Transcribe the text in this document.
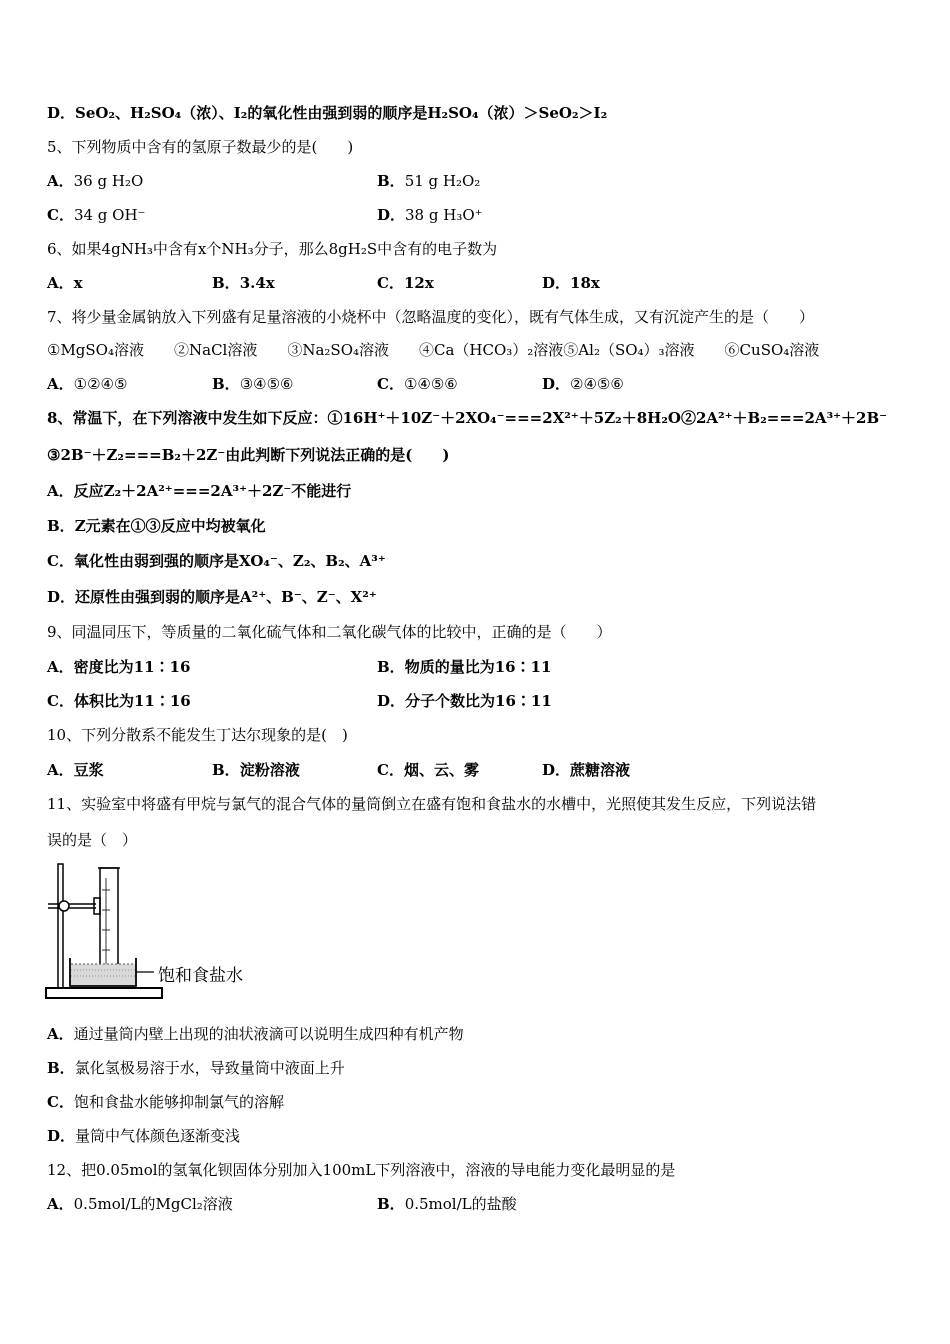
D．SeO₂、H₂SO₄（浓）、I₂的氧化性由强到弱的顺序是H₂SO₄（浓）＞SeO₂＞I₂
5、下列物质中含有的氢原子数最少的是(　　)
A．36 g H₂O	B．51 g H₂O₂
C．34 g OH⁻	D．38 g H₃O⁺
6、如果4gNH₃中含有x个NH₃分子，那么8gH₂S中含有的电子数为
A．x	B．3.4x	C．12x	D．18x
7、将少量金属钠放入下列盛有足量溶液的小烧杯中（忽略温度的变化），既有气体生成，又有沉淀产生的是（　　）
①MgSO₄溶液　　②NaCl溶液　　③Na₂SO₄溶液　　④Ca（HCO₃）₂溶液⑤Al₂（SO₄）₃溶液　　⑥CuSO₄溶液
A．①②④⑤	B．③④⑤⑥	C．①④⑤⑥	D．②④⑤⑥
8、常温下，在下列溶液中发生如下反应：①16H⁺＋10Z⁻＋2XO₄⁻===2X²⁺＋5Z₂＋8H₂O②2A²⁺＋B₂===2A³⁺＋2B⁻
③2B⁻＋Z₂===B₂＋2Z⁻由此判断下列说法正确的是(　　)
A．反应Z₂＋2A²⁺===2A³⁺＋2Z⁻不能进行
B．Z元素在①③反应中均被氧化
C．氧化性由弱到强的顺序是XO₄⁻、Z₂、B₂、A³⁺
D．还原性由强到弱的顺序是A²⁺、B⁻、Z⁻、X²⁺
9、同温同压下，等质量的二氧化硫气体和二氧化碳气体的比较中，正确的是（　　）
A．密度比为11∶16	B．物质的量比为16∶11
C．体积比为11∶16	D．分子个数比为16∶11
10、下列分散系不能发生丁达尔现象的是(　)
A．豆浆	B．淀粉溶液	C．烟、云、雾	D．蔗糖溶液
11、实验室中将盛有甲烷与氯气的混合气体的量筒倒立在盛有饱和食盐水的水槽中，光照使其发生反应，下列说法错
误的是（　）
饱和食盐水
A．通过量筒内壁上出现的油状液滴可以说明生成四种有机产物
B．氯化氢极易溶于水，导致量筒中液面上升
C．饱和食盐水能够抑制氯气的溶解
D．量筒中气体颜色逐渐变浅
12、把0.05mol的氢氧化钡固体分别加入100mL下列溶液中，溶液的导电能力变化最明显的是
A．0.5mol/L的MgCl₂溶液	B．0.5mol/L的盐酸
